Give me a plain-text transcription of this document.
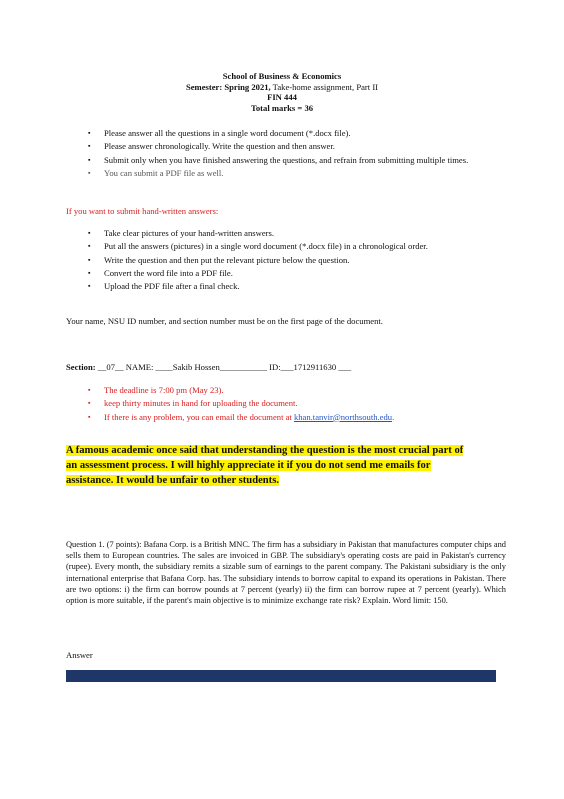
School of Business & Economics
Semester: Spring 2021, Take-home assignment, Part II
FIN 444
Total marks = 36
▪ Please answer all the questions in a single word document (*.docx file).
▪ Please answer chronologically. Write the question and then answer.
▪ Submit only when you have finished answering the questions, and refrain from submitting multiple times.
▪ You can submit a PDF file as well.
If you want to submit hand-written answers:
▪ Take clear pictures of your hand-written answers.
▪ Put all the answers (pictures) in a single word document (*.docx file) in a chronological order.
▪ Write the question and then put the relevant picture below the question.
▪ Convert the word file into a PDF file.
▪ Upload the PDF file after a final check.
Your name, NSU ID number, and section number must be on the first page of the document.
Section: __07__ NAME: ____Sakib Hossen___________ ID:___1712911630 ___
▪ The deadline is 7:00 pm (May 23).
▪ keep thirty minutes in hand for uploading the document.
▪ If there is any problem, you can email the document at khan.tanvir@northsouth.edu.
A famous academic once said that understanding the question is the most crucial part of
an assessment process. I will highly appreciate it if you do not send me emails for
assistance. It would be unfair to other students.
Question 1. (7 points): Bafana Corp. is a British MNC. The firm has a subsidiary in Pakistan that manufactures computer chips and sells them to European countries. The sales are invoiced in GBP. The subsidiary's operating costs are paid in Pakistan's currency (rupee). Every month, the subsidiary remits a sizable sum of earnings to the parent company. The Pakistani subsidiary is the only international enterprise that Bafana Corp. has. The subsidiary intends to borrow capital to expand its operations in Pakistan. There are two options: i) the firm can borrow pounds at 7 percent (yearly) ii) the firm can borrow rupee at 7 percent (yearly). Which option is more suitable, if the parent's main objective is to minimize exchange rate risk? Explain. Word limit: 150.
Answer
